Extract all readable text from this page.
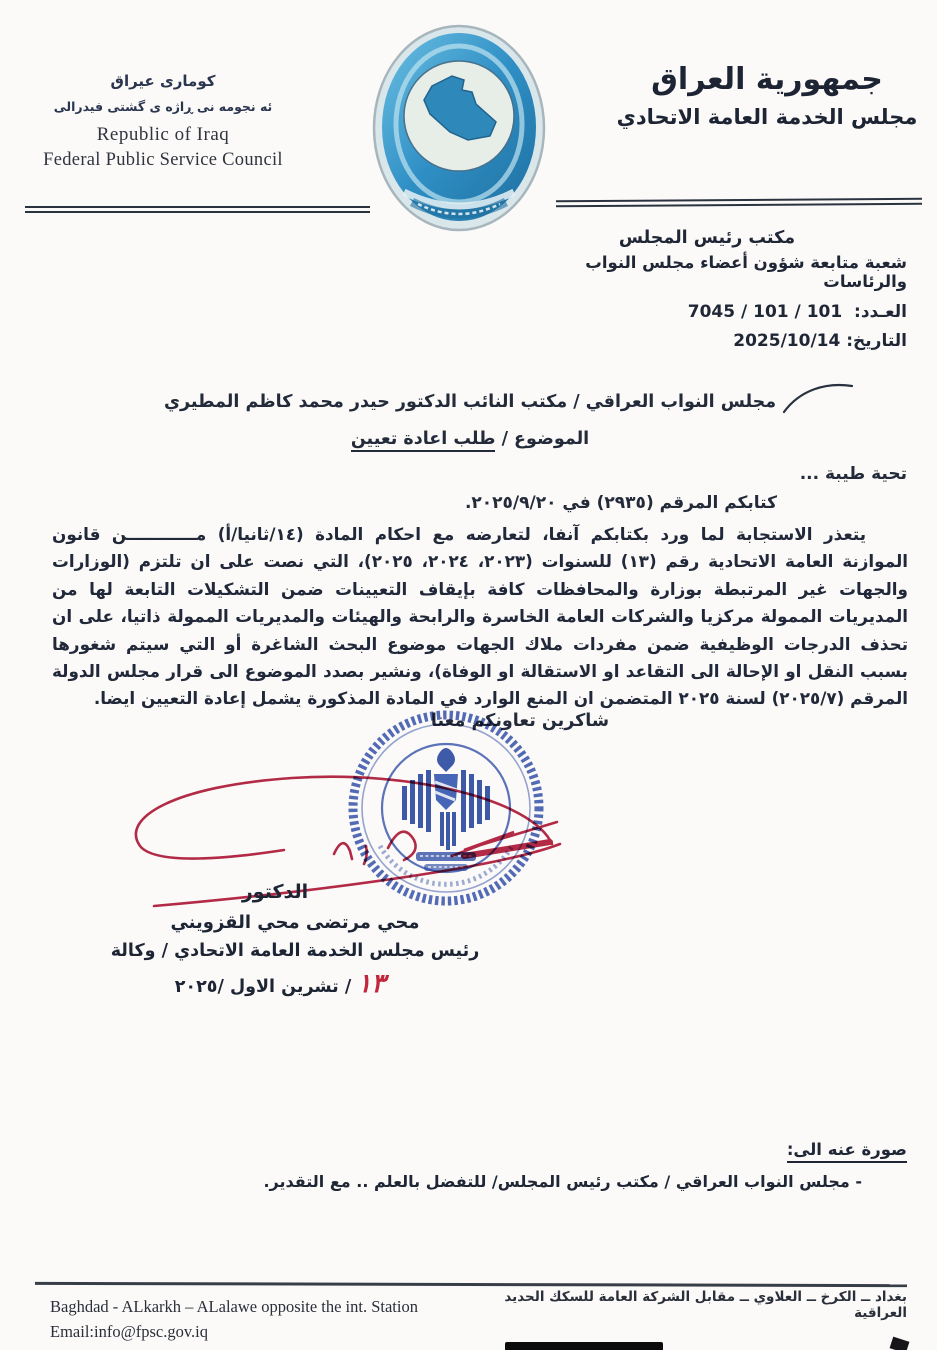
كوماری عيراق
ئه نجومه نی ڕاژه ی گشتی فیدرالی
Republic of Iraq
Federal Public Service Council
جمهورية العراق
مجلس الخدمة العامة الاتحادي
مكتب رئيس المجلس
شعبة متابعة شؤون أعضاء مجلس النواب والرئاسات
العـدد:  101 / 101 / 7045
التاريخ: 2025/10/14
مجلس النواب العراقي / مكتب النائب الدكتور حيدر محمد كاظم المطيري
الموضوع / طلب اعادة تعيين
تحية طيبة ...
كتابكم المرقم (٢٩٣٥) في ٢٠٢٥/٩/٢٠.

يتعذر الاستجابة لما ورد بكتابكم آنفا، لتعارضه مع احكام المادة (١٤/ثانيا/أ) مــــــــــــن قانون الموازنة العامة الاتحادية رقم (١٣) للسنوات (٢٠٢٣، ٢٠٢٤، ٢٠٢٥)، التي نصت على ان تلتزم (الوزارات والجهات غير المرتبطة بوزارة والمحافظات كافة بإيقاف التعيينات ضمن التشكيلات التابعة لها من المديريات الممولة مركزيا والشركات العامة الخاسرة والرابحة والهيئات والمديريات الممولة ذاتيا، على ان تحذف الدرجات الوظيفية ضمن مفردات ملاك الجهات موضوع البحث الشاغرة أو التي سيتم شغورها بسبب النقل او الإحالة الى التقاعد او الاستقالة او الوفاة)، ونشير بصدد الموضوع الى قرار مجلس الدولة المرقم (٢٠٢٥/٧) لسنة ٢٠٢٥ المتضمن ان المنع الوارد في المادة المذكورة يشمل إعادة التعيين ايضا.

شاكرين تعاونكم معنا
الدكتور
محي مرتضى محي القزويني
رئيس مجلس الخدمة العامة الاتحادي / وكالة
١٣ / تشرين الاول /٢٠٢٥
صورة عنه الى:
- مجلس النواب العراقي / مكتب رئيس المجلس/ للتفضل بالعلم .. مع التقدير.
بغداد ــ الكرخ ــ العلاوي ــ مقابل الشركة العامة للسكك الحديد العراقية
Baghdad - ALkarkh – ALalawe opposite the int. Station
Email:info@fpsc.gov.iq
